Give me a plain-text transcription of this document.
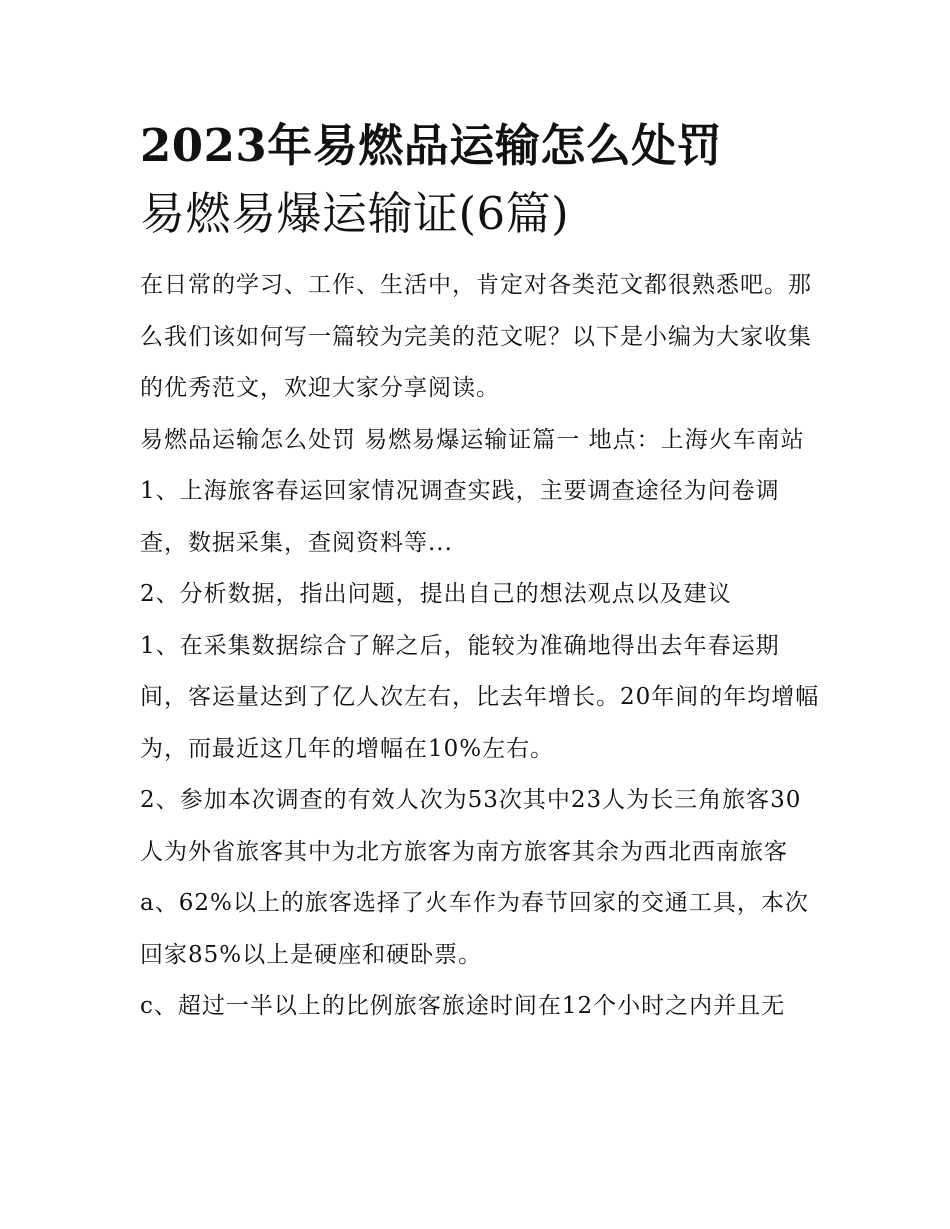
2023年易燃品运输怎么处罚
易燃易爆运输证(6篇)

在日常的学习、工作、生活中，肯定对各类范文都很熟悉吧。那么我们该如何写一篇较为完美的范文呢？以下是小编为大家收集的优秀范文，欢迎大家分享阅读。

易燃品运输怎么处罚 易燃易爆运输证篇一 地点：上海火车南站 1、上海旅客春运回家情况调查实践，主要调查途径为问卷调查，数据采集，查阅资料等...

2、分析数据，指出问题，提出自己的想法观点以及建议

1、在采集数据综合了解之后，能较为准确地得出去年春运期间，客运量达到了亿人次左右，比去年增长。20年间的年均增幅为，而最近这几年的增幅在10%左右。

2、参加本次调查的有效人次为53次其中23人为长三角旅客30人为外省旅客其中为北方旅客为南方旅客其余为西北西南旅客

a、62%以上的旅客选择了火车作为春节回家的交通工具，本次回家85%以上是硬座和硬卧票。

c、超过一半以上的比例旅客旅途时间在12个小时之内并且无
